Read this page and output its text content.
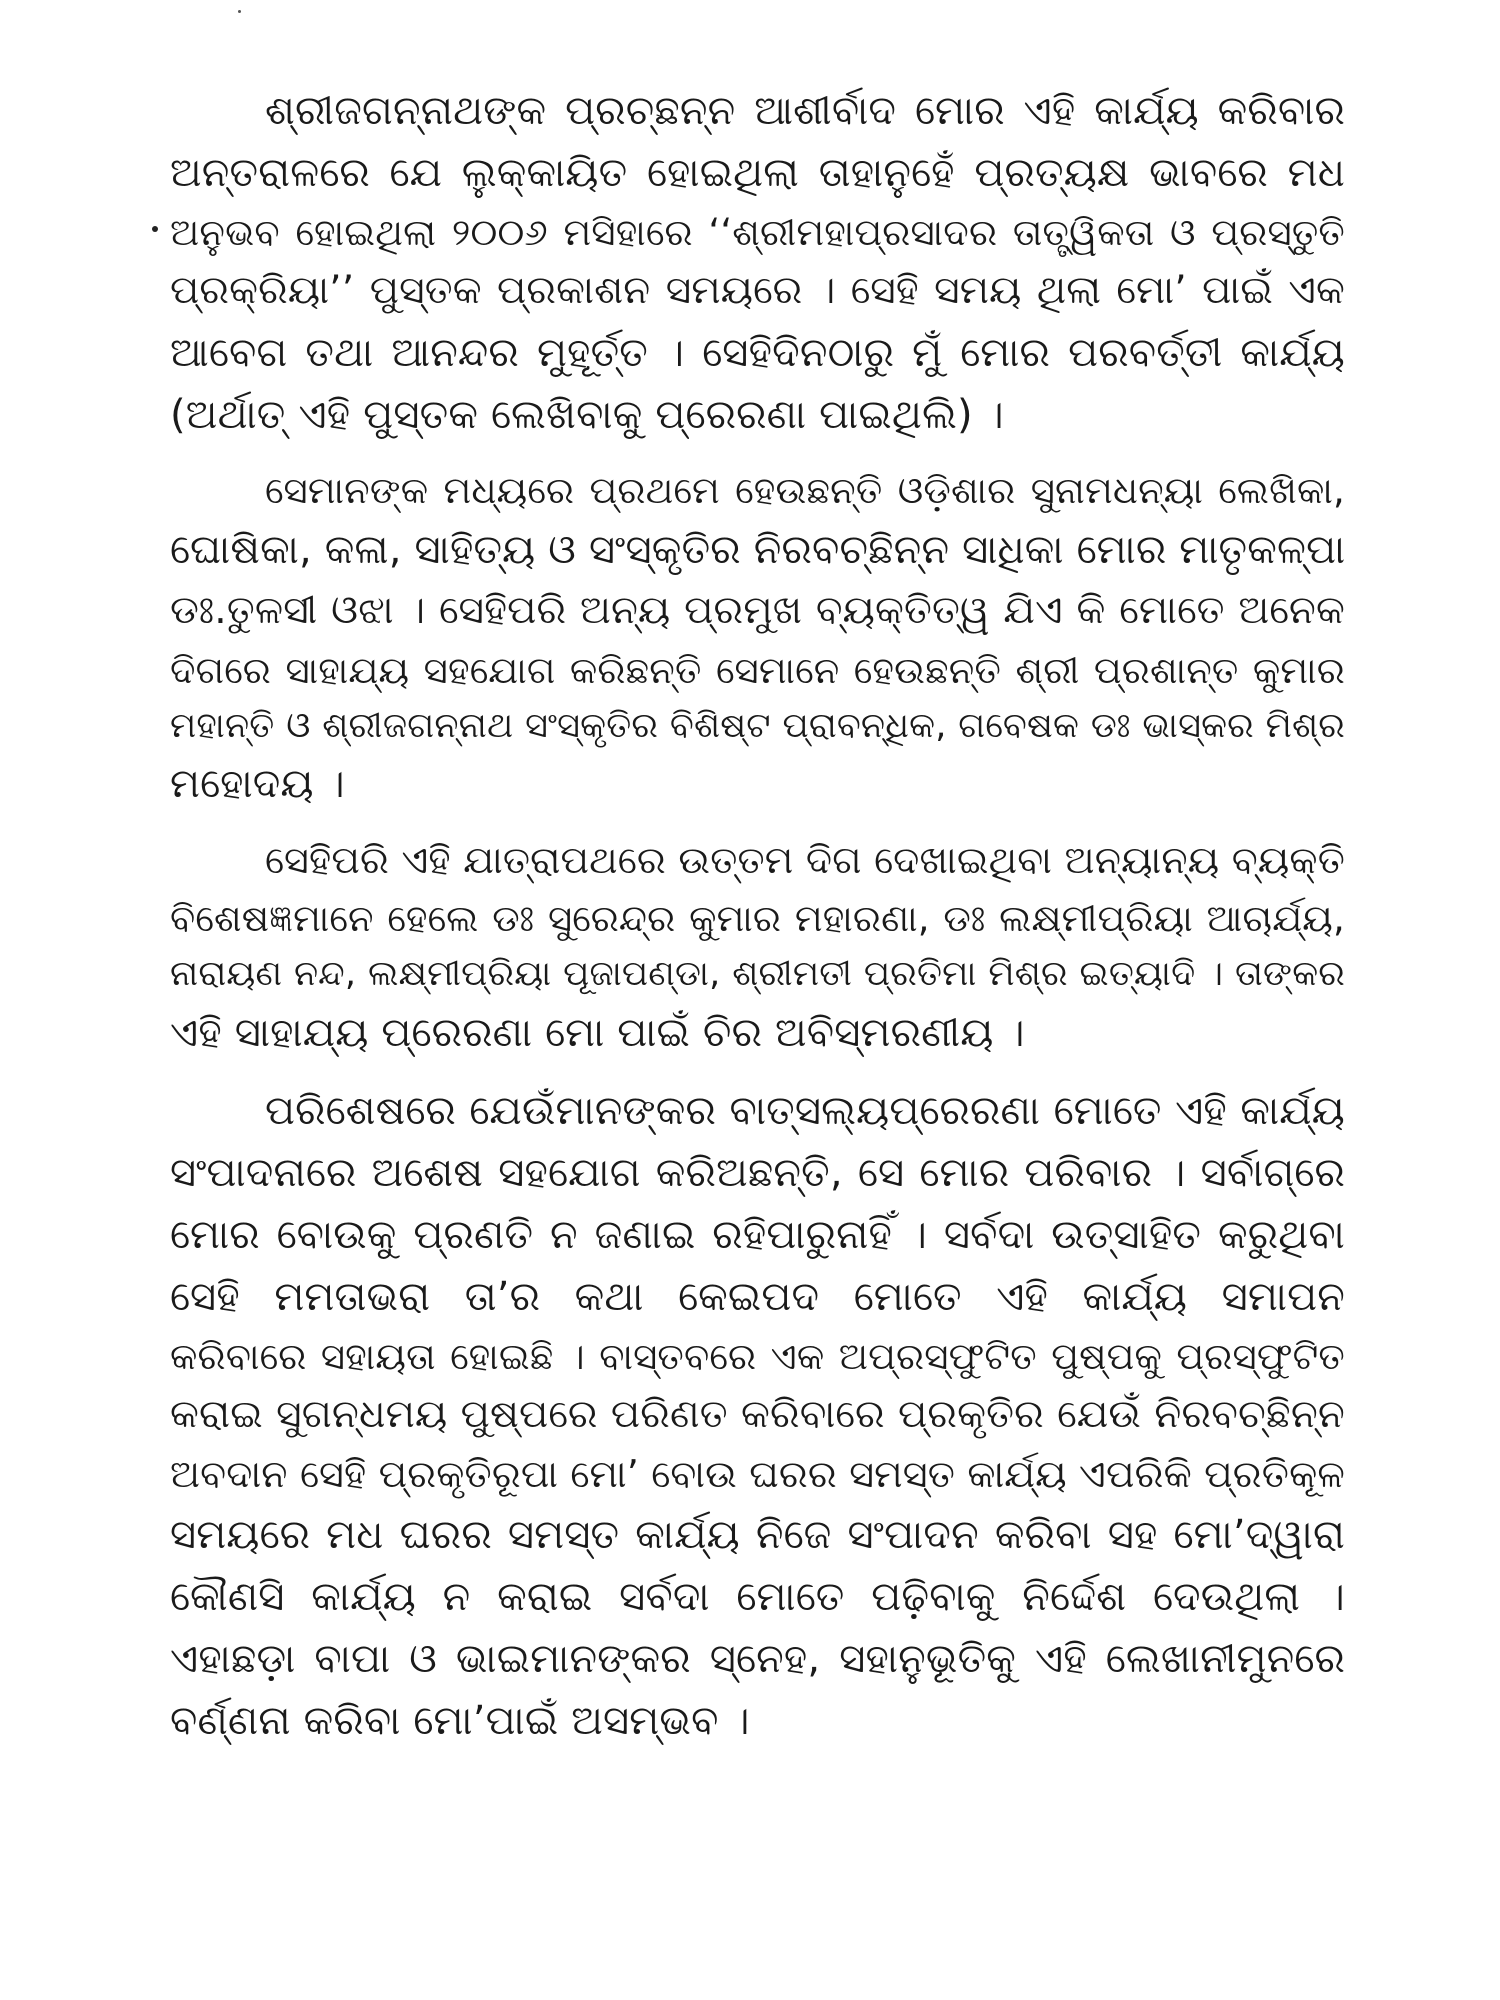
ଶ୍ରୀଜଗନ୍ନାଥଙ୍କ ପ୍ରଚ୍ଛନ୍ନ ଆଶୀର୍ବାଦ ମୋର ଏହି କାର୍ଯ୍ୟ କରିବାର
ଅନ୍ତରାଳରେ ଯେ ଲୁକ୍କାୟିତ ହୋଇଥିଲା ତାହାନୁହେଁ ପ୍ରତ୍ୟକ୍ଷ ଭାବରେ ମଧ
ଅନୁଭବ ହୋଇଥିଲା ୨୦୦୬ ମସିହାରେ ‘‘ଶ୍ରୀମହାପ୍ରସାଦର ତାତ୍ତ୍ୱିକତା ଓ ପ୍ରସ୍ତୁତି
ପ୍ରକ୍ରିୟା’’ ପୁସ୍ତକ ପ୍ରକାଶନ ସମୟରେ । ସେହି ସମୟ ଥିଲା ମୋ’ ପାଇଁ ଏକ
ଆବେଗ ତଥା ଆନନ୍ଦର ମୁହୂର୍ତ୍ତ । ସେହିଦିନଠାରୁ ମୁଁ ମୋର ପରବର୍ତ୍ତୀ କାର୍ଯ୍ୟ
(ଅର୍ଥାତ୍ ଏହି ପୁସ୍ତକ ଲେଖିବାକୁ ପ୍ରେରଣା ପାଇଥିଲି) ।

ସେମାନଙ୍କ ମଧ୍ୟରେ ପ୍ରଥମେ ହେଉଛନ୍ତି ଓଡ଼ିଶାର ସୁନାମଧନ୍ୟା ଲେଖିକା,
ଘୋଷିକା, କଳା, ସାହିତ୍ୟ ଓ ସଂସ୍କୃତିର ନିରବଚ୍ଛିନ୍ନ ସାଧିକା ମୋର ମାତୃକଳ୍ପା
ଡଃ.ତୁଳସୀ ଓଝା । ସେହିପରି ଅନ୍ୟ ପ୍ରମୁଖ ବ୍ୟକ୍ତିତ୍ୱ ଯିଏ କି ମୋତେ ଅନେକ
ଦିଗରେ ସାହାଯ୍ୟ ସହଯୋଗ କରିଛନ୍ତି ସେମାନେ ହେଉଛନ୍ତି ଶ୍ରୀ ପ୍ରଶାନ୍ତ କୁମାର
ମହାନ୍ତି ଓ ଶ୍ରୀଜଗନ୍ନାଥ ସଂସ୍କୃତିର ବିଶିଷ୍ଟ ପ୍ରାବନ୍ଧିକ, ଗବେଷକ ଡଃ ଭାସ୍କର ମିଶ୍ର
ମହୋଦୟ ।

ସେହିପରି ଏହି ଯାତ୍ରାପଥରେ ଉତ୍ତମ ଦିଗ ଦେଖାଇଥିବା ଅନ୍ୟାନ୍ୟ ବ୍ୟକ୍ତି
ବିଶେଷଜ୍ଞମାନେ ହେଲେ ଡଃ ସୁରେନ୍ଦ୍ର କୁମାର ମହାରଣା, ଡଃ ଲକ୍ଷ୍ମୀପ୍ରିୟା ଆଚାର୍ଯ୍ୟ,
ନାରାୟଣ ନନ୍ଦ, ଲକ୍ଷ୍ମୀପ୍ରିୟା ପୂଜାପଣ୍ଡା, ଶ୍ରୀମତୀ ପ୍ରତିମା ମିଶ୍ର ଇତ୍ୟାଦି । ତାଙ୍କର
ଏହି ସାହାଯ୍ୟ ପ୍ରେରଣା ମୋ ପାଇଁ ଚିର ଅବିସ୍ମରଣୀୟ ।

ପରିଶେଷରେ ଯେଉଁମାନଙ୍କର ବାତ୍ସଲ୍ୟପ୍ରେରଣା ମୋତେ ଏହି କାର୍ଯ୍ୟ
ସଂପାଦନାରେ ଅଶେଷ ସହଯୋଗ କରିଅଛନ୍ତି, ସେ ମୋର ପରିବାର । ସର୍ବାଗ୍ରେ
ମୋର ବୋଉକୁ ପ୍ରଣତି ନ ଜଣାଇ ରହିପାରୁନାହିଁ । ସର୍ବଦା ଉତ୍ସାହିତ କରୁଥିବା
ସେହି ମମତାଭରା ତା’ର କଥା କେଇପଦ ମୋତେ ଏହି କାର୍ଯ୍ୟ ସମାପନ
କରିବାରେ ସହାୟତା ହୋଇଛି । ବାସ୍ତବରେ ଏକ ଅପ୍ରସ୍ଫୁଟିତ ପୁଷ୍ପକୁ ପ୍ରସ୍ଫୁଟିତ
କରାଇ ସୁଗନ୍ଧମୟ ପୁଷ୍ପରେ ପରିଣତ କରିବାରେ ପ୍ରକୃତିର ଯେଉଁ ନିରବଚ୍ଛିନ୍ନ
ଅବଦାନ ସେହି ପ୍ରକୃତିରୂପା ମୋ’ ବୋଉ ଘରର ସମସ୍ତ କାର୍ଯ୍ୟ ଏପରିକି ପ୍ରତିକୂଳ
ସମୟରେ ମଧ ଘରର ସମସ୍ତ କାର୍ଯ୍ୟ ନିଜେ ସଂପାଦନ କରିବା ସହ ମୋ’ଦ୍ୱାରା
କୌଣସି କାର୍ଯ୍ୟ ନ କରାଇ ସର୍ବଦା ମୋତେ ପଢ଼ିବାକୁ ନିର୍ଦ୍ଦେଶ ଦେଉଥିଲା ।
ଏହାଛଡ଼ା ବାପା ଓ ଭାଇମାନଙ୍କର ସ୍ନେହ, ସହାନୁଭୂତିକୁ ଏହି ଲେଖାନୀମୁନରେ
ବର୍ଣ୍ଣନା କରିବା ମୋ’ପାଇଁ ଅସମ୍ଭବ ।
